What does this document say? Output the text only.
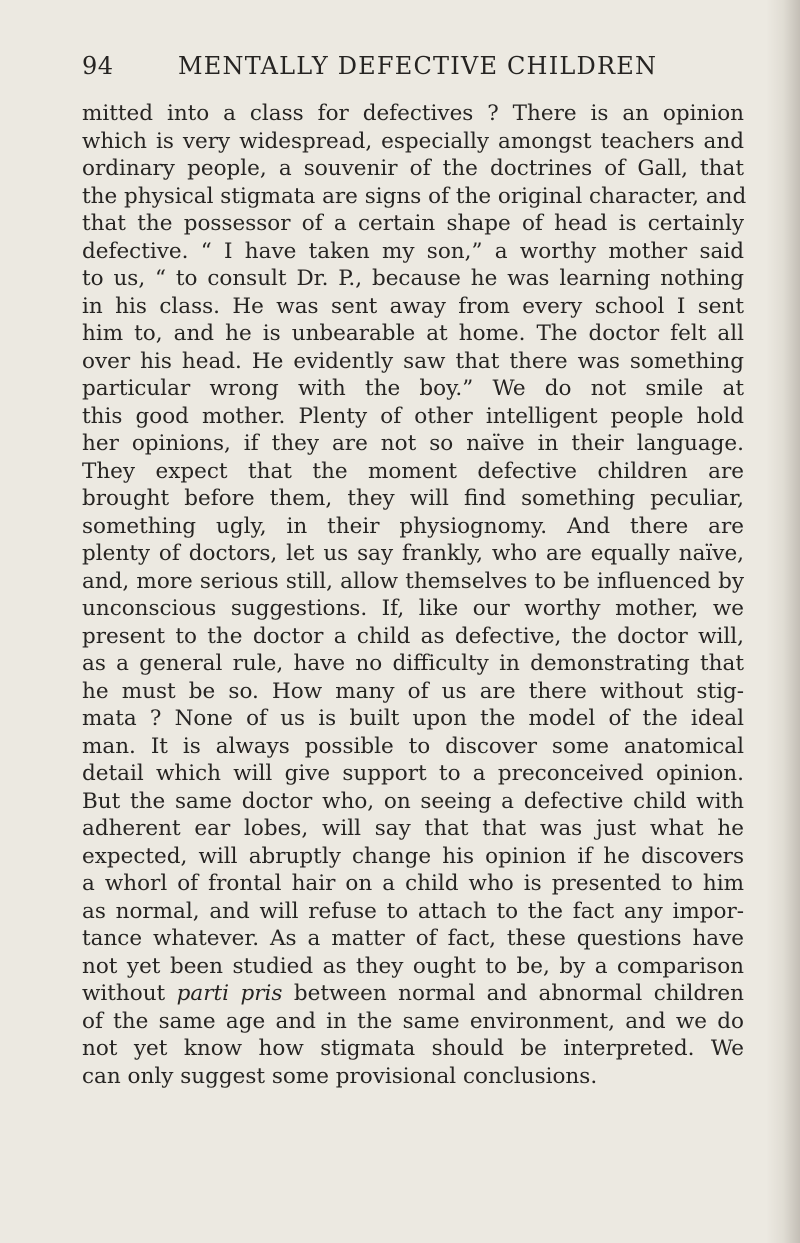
94	MENTALLY DEFECTIVE CHILDREN
mitted into a class for defectives ? There is an opinion
which is very widespread, especially amongst teachers and
ordinary people, a souvenir of the doctrines of Gall, that
the physical stigmata are signs of the original character, and
that the possessor of a certain shape of head is certainly
defective. “ I have taken my son,” a worthy mother said
to us, “ to consult Dr. P., because he was learning nothing
in his class. He was sent away from every school I sent
him to, and he is unbearable at home. The doctor felt all
over his head. He evidently saw that there was something
particular wrong with the boy.” We do not smile at
this good mother. Plenty of other intelligent people hold
her opinions, if they are not so naïve in their language.
They expect that the moment defective children are
brought before them, they will find something peculiar,
something ugly, in their physiognomy. And there are
plenty of doctors, let us say frankly, who are equally naïve,
and, more serious still, allow themselves to be influenced by
unconscious suggestions. If, like our worthy mother, we
present to the doctor a child as defective, the doctor will,
as a general rule, have no difficulty in demonstrating that
he must be so. How many of us are there without stig-
mata ? None of us is built upon the model of the ideal
man. It is always possible to discover some anatomical
detail which will give support to a preconceived opinion.
But the same doctor who, on seeing a defective child with
adherent ear lobes, will say that that was just what he
expected, will abruptly change his opinion if he discovers
a whorl of frontal hair on a child who is presented to him
as normal, and will refuse to attach to the fact any impor-
tance whatever. As a matter of fact, these questions have
not yet been studied as they ought to be, by a comparison
without parti pris between normal and abnormal children
of the same age and in the same environment, and we do
not yet know how stigmata should be interpreted. We
can only suggest some provisional conclusions.
